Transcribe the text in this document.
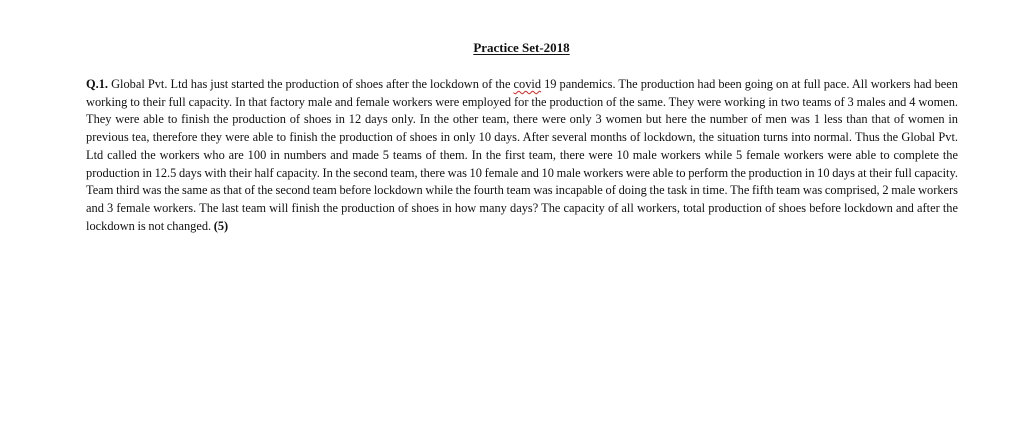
Practice Set-2018
Q.1. Global Pvt. Ltd has just started the production of shoes after the lockdown of the covid 19 pandemics. The production had been going on at full pace. All workers had been working to their full capacity. In that factory male and female workers were employed for the production of the same. They were working in two teams of 3 males and 4 women. They were able to finish the production of shoes in 12 days only. In the other team, there were only 3 women but here the number of men was 1 less than that of women in previous tea, therefore they were able to finish the production of shoes in only 10 days. After several months of lockdown, the situation turns into normal. Thus the Global Pvt. Ltd called the workers who are 100 in numbers and made 5 teams of them. In the first team, there were 10 male workers while 5 female workers were able to complete the production in 12.5 days with their half capacity. In the second team, there was 10 female and 10 male workers were able to perform the production in 10 days at their full capacity. Team third was the same as that of the second team before lockdown while the fourth team was incapable of doing the task in time. The fifth team was comprised, 2 male workers and 3 female workers. The last team will finish the production of shoes in how many days? The capacity of all workers, total production of shoes before lockdown and after the lockdown is not changed. (5)
